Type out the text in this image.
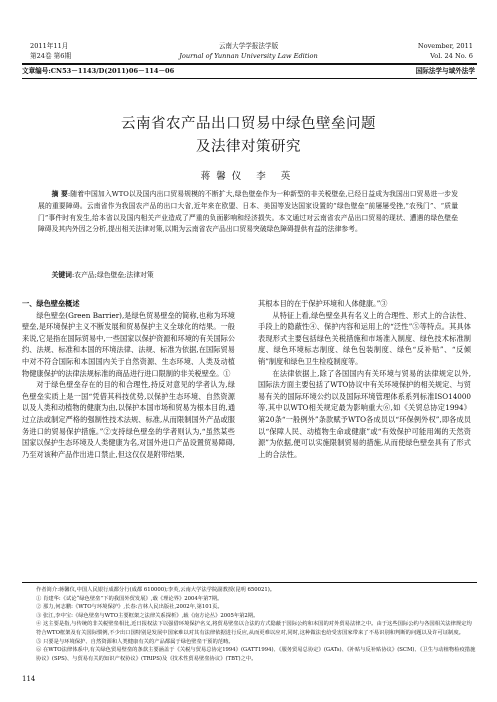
2011年11月
第24卷 第6期
云南大学学报法学版
Journal of Yunnan University Law Edition
November, 2011
Vol. 24 No. 6
文章编号:CN53－1143/D(2011)06－114－06	国际法学与域外法学
云南省农产品出口贸易中绿色壁垒问题
及法律对策研究
蒋馨仪 李 英
摘 要:随着中国加入WTO以及国内出口贸易规模的不断扩大,绿色壁垒作为一种新型的非关税壁垒,已经日益成为我国出口贸易进一步发展的重要障碍。云南省作为我国农产品的出口大省,近年来在欧盟、日本、美国等发达国家设置的“绿色壁垒”前屡屡受挫,“农残门”、“质量门”事件时有发生,给本省以及国内相关产业造成了严重的负面影响和经济损失。本文通过对云南省农产品出口贸易的现状、遭遇的绿色壁垒障碍及其内外因之分析,提出相关法律对策,以期为云南省农产品出口贸易突破绿色障碍提供有益的法律参考。
关键词:农产品;绿色壁垒;法律对策
一、绿色壁垒概述

绿色壁垒(Green Barrier),是绿色贸易壁垒的简称,也称为环境壁垒,是环境保护主义不断发展和贸易保护主义全球化的结果。一般来说,它是指在国际贸易中,一些国家以保护资源和环境的有关国际公约、法规、标准和本国的环境法律、法规、标准为依据,在国际贸易中对不符合国际和本国国内关于自然资源、生态环境、人类及动植物健康保护的法律法规标准的商品进行进口限制的非关税壁垒。①

对于绿色壁垒存在的目的和合理性,持反对意见的学者认为,绿色壁垒实质上是一国“凭借其科技优势,以保护生态环境、自然资源以及人类和动植物的健康为由,以保护本国市场和贸易为根本目的,通过立法或制定严格的强制性技术法规、标准,从而限制国外产品或服务进口的贸易保护措施。”②支持绿色壁垒的学者则认为,“虽然某些国家以保护生态环境及人类健康为名,对国外进口产品设置贸易障碍,乃至对该种产品作出进口禁止,但这仅仅是附带结果,

其根本目的在于保护环境和人体健康。”③

从特征上看,绿色壁垒具有名义上的合理性、形式上的合法性、手段上的隐蔽性④、保护内容和运用上的“泛性”⑤等特点。其具体表现形式主要包括绿色关税措施和市场准入制度、绿色技术标准制度、绿色环境标志制度、绿色包装制度、绿色“反补贴”、“反倾销”制度和绿色卫生检疫制度等。

在法律依据上,除了各国国内有关环境与贸易的法律规定以外,国际法方面主要包括了WTO协议中有关环境保护的相关规定、与贸易有关的国际环境公约以及国际环境管理体系系列标准ISO14000等,其中以WTO相关规定最为影响重大⑥,如《关贸总协定1994》第20条“一般例外”条款赋予WTO各成员以“环保例外权”,即各成员以“保障人民、动植物生命或健康”或“有效保护可能用竭的天然资源”为依据,便可以实施限制贸易的措施,从而使绿色壁垒具有了形式上的合法性。

作者简介:蒋馨仪,中国人民银行成都分行(成都 610000);李英,云南大学法学院副教授(昆明 650021)。
① 肖建华:《试论“绿色壁垒”下的我国外贸发展》,载《理论界》2004年第7期。
② 那力,何志鹏:《WTO与环境保护》,长春:吉林人民出版社,2002年,第101页。
③ 张江,李中宝:《绿色壁垒与WTO主要框架之法律关系探析》,载《南方论丛》2005年第2期。
④ 这主要是指,与传统的非关税壁垒相比,近日报权法下以强借环境保护名义,将贸易壁垒以合法的方式隐蔽于国际公约和本国的对外贸易法律之中。由于这些国际公约与各国相关法律规定均符合WTO框架及有关国际惯例,不少出口国特别是发展中国家难以对其有法律依据进行反应,从而更难以应对,同时,这种做法也给受害国家带来了不易识别和判断的问题以及许可证制度。
⑤ 只要是与环境保护、自然资源和人类健康有关的产品都属于绿色壁垒干预的范畴。
⑥ 在WTO法律体系中,有关绿色贸易壁垒的条款主要涵盖于《关税与贸易总协定1994》(GATT1994)、《服务贸易总协定》(GATs)、《补贴与反补贴协议》(SCM)、《卫生与动植物检疫措施协议》(SPS)、与贸易有关的知识产权协议》(TRIPS)及《技术性贸易壁垒协议》(TBT)之中。
114
